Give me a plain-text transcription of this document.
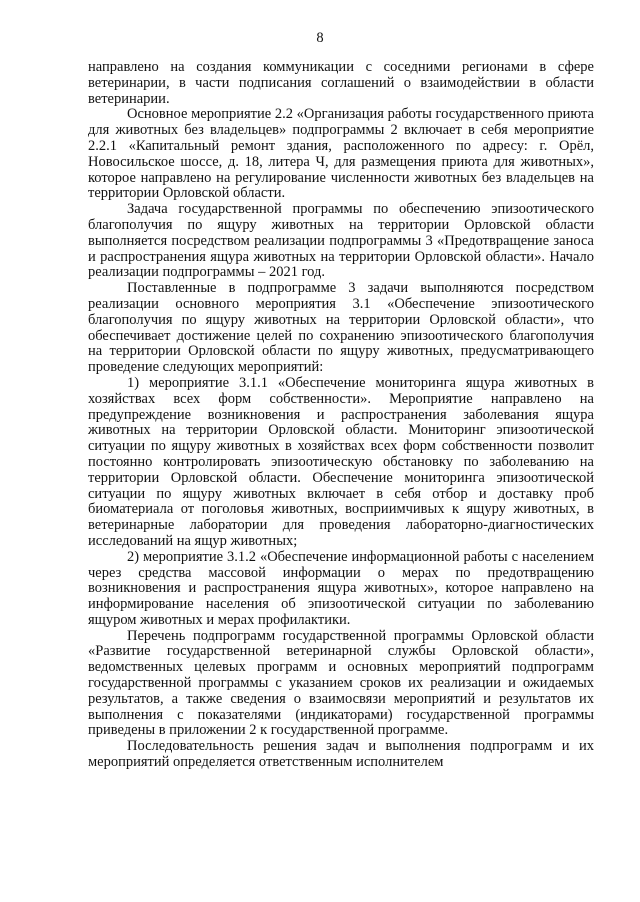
8

направлено на создания коммуникации с соседними регионами в сфере ветеринарии, в части подписания соглашений о взаимодействии в области ветеринарии.

Основное мероприятие 2.2 «Организация работы государственного приюта для животных без владельцев» подпрограммы 2 включает в себя мероприятие 2.2.1 «Капитальный ремонт здания, расположенного по адресу: г. Орёл, Новосильское шоссе, д. 18, литера Ч, для размещения приюта для животных», которое направлено на регулирование численности животных без владельцев на территории Орловской области.

Задача государственной программы по обеспечению эпизоотического благополучия по ящуру животных на территории Орловской области выполняется посредством реализации подпрограммы 3 «Предотвращение заноса и распространения ящура животных на территории Орловской области». Начало реализации подпрограммы – 2021 год.

Поставленные в подпрограмме 3 задачи выполняются посредством реализации основного мероприятия 3.1 «Обеспечение эпизоотического благополучия по ящуру животных на территории Орловской области», что обеспечивает достижение целей по сохранению эпизоотического благополучия на территории Орловской области по ящуру животных, предусматривающего проведение следующих мероприятий:

1) мероприятие 3.1.1 «Обеспечение мониторинга ящура животных в хозяйствах всех форм собственности». Мероприятие направлено на предупреждение возникновения и распространения заболевания ящура животных на территории Орловской области. Мониторинг эпизоотической ситуации по ящуру животных в хозяйствах всех форм собственности позволит постоянно контролировать эпизоотическую обстановку по заболеванию на территории Орловской области. Обеспечение мониторинга эпизоотической ситуации по ящуру животных включает в себя отбор и доставку проб биоматериала от поголовья животных, восприимчивых к ящуру животных, в ветеринарные лаборатории для проведения лабораторно-диагностических исследований на ящур животных;

2) мероприятие 3.1.2 «Обеспечение информационной работы с населением через средства массовой информации о мерах по предотвращению возникновения и распространения ящура животных», которое направлено на информирование населения об эпизоотической ситуации по заболеванию ящуром животных и мерах профилактики.

Перечень подпрограмм государственной программы Орловской области «Развитие государственной ветеринарной службы Орловской области», ведомственных целевых программ и основных мероприятий подпрограмм государственной программы с указанием сроков их реализации и ожидаемых результатов, а также сведения о взаимосвязи мероприятий и результатов их выполнения с показателями (индикаторами) государственной программы приведены в приложении 2 к государственной программе.

Последовательность решения задач и выполнения подпрограмм и их мероприятий определяется ответственным исполнителем
